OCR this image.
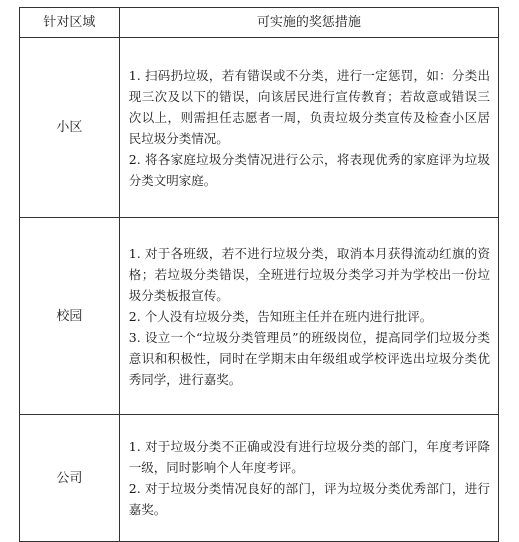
针对区域	可实施的奖惩措施
小区	1. 扫码扔垃圾，若有错误或不分类，进行一定惩罚，如：分类出现三次及以下的错误，向该居民进行宣传教育；若故意或错误三次以上，则需担任志愿者一周，负责垃圾分类宣传及检查小区居民垃圾分类情况。

2. 将各家庭垃圾分类情况进行公示，将表现优秀的家庭评为垃圾分类文明家庭。

校园	1. 对于各班级，若不进行垃圾分类，取消本月获得流动红旗的资格；若垃圾分类错误，全班进行垃圾分类学习并为学校出一份垃圾分类板报宣传。

2. 个人没有垃圾分类，告知班主任并在班内进行批评。

3. 设立一个“垃圾分类管理员”的班级岗位，提高同学们垃圾分类意识和积极性，同时在学期末由年级组或学校评选出垃圾分类优秀同学，进行嘉奖。

公司	1. 对于垃圾分类不正确或没有进行垃圾分类的部门，年度考评降一级，同时影响个人年度考评。

2. 对于垃圾分类情况良好的部门，评为垃圾分类优秀部门，进行嘉奖。
